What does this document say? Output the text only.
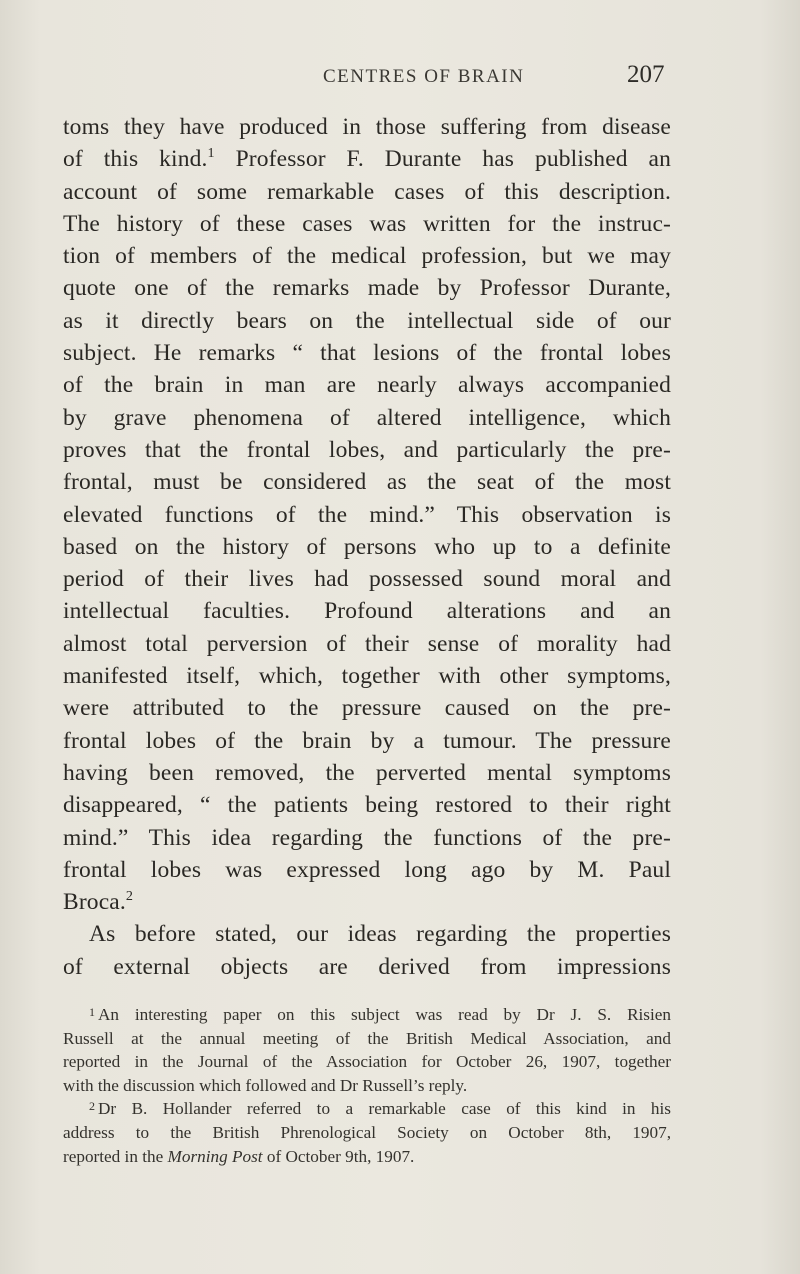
CENTRES OF BRAIN	207
toms they have produced in those suffering from disease
of this kind.$^1$ Professor F. Durante has published an
account of some remarkable cases of this description.
The history of these cases was written for the instruc-
tion of members of the medical profession, but we may
quote one of the remarks made by Professor Durante,
as it directly bears on the intellectual side of our
subject. He remarks “ that lesions of the frontal lobes
of the brain in man are nearly always accompanied
by grave phenomena of altered intelligence, which
proves that the frontal lobes, and particularly the pre-
frontal, must be considered as the seat of the most
elevated functions of the mind.” This observation is
based on the history of persons who up to a definite
period of their lives had possessed sound moral and
intellectual faculties. Profound alterations and an
almost total perversion of their sense of morality had
manifested itself, which, together with other symptoms,
were attributed to the pressure caused on the pre-
frontal lobes of the brain by a tumour. The pressure
having been removed, the perverted mental symptoms
disappeared, “ the patients being restored to their right
mind.” This idea regarding the functions of the pre-
frontal lobes was expressed long ago by M. Paul
Broca.$^2$
As before stated, our ideas regarding the properties
of external objects are derived from impressions
$^1$ An interesting paper on this subject was read by Dr J. S. Risien
Russell at the annual meeting of the British Medical Association, and
reported in the Journal of the Association for October 26, 1907, together
with the discussion which followed and Dr Russell’s reply.
$^2$ Dr B. Hollander referred to a remarkable case of this kind in his
address to the British Phrenological Society on October 8th, 1907,
reported in the Morning Post of October 9th, 1907.
